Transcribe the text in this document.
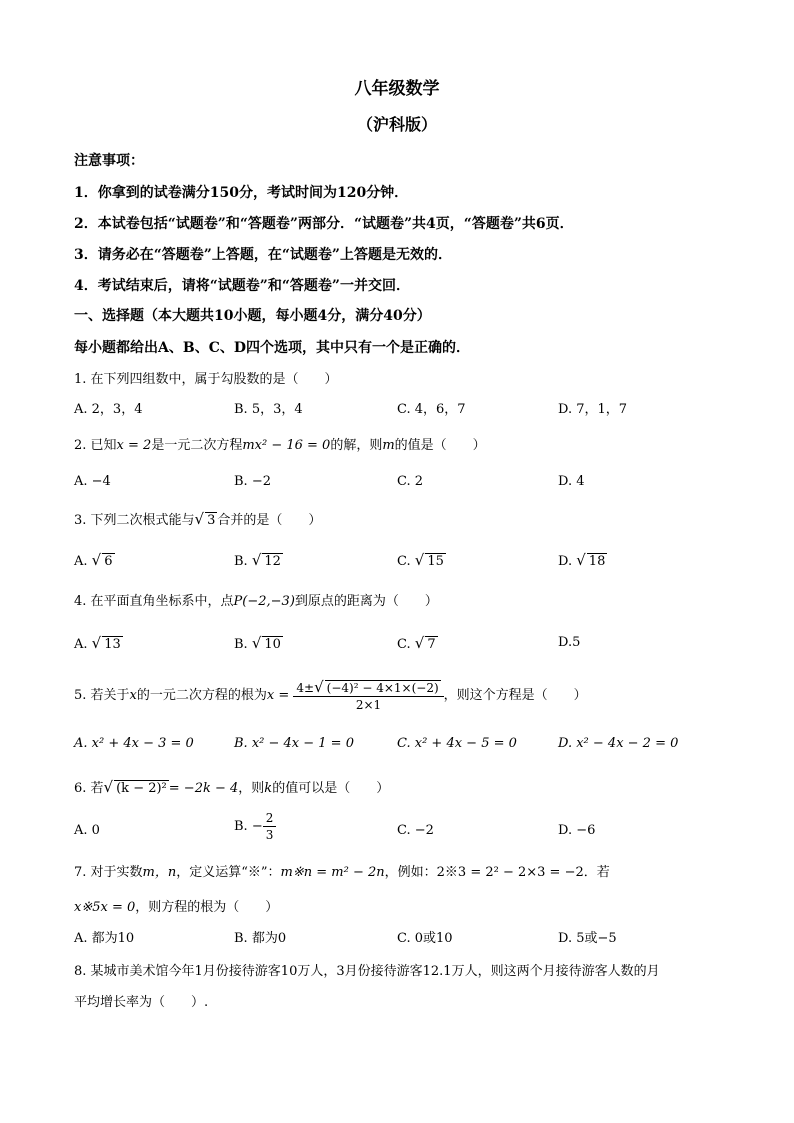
八年级数学
（沪科版）
注意事项：
1．你拿到的试卷满分150分，考试时间为120分钟．
2．本试卷包括“试题卷”和“答题卷”两部分．“试题卷”共4页，“答题卷”共6页．
3．请务必在“答题卷”上答题，在“试题卷”上答题是无效的．
4．考试结束后，请将“试题卷”和“答题卷”一并交回．
一、选择题（本大题共10小题，每小题4分，满分40分）
每小题都给出A、B、C、D四个选项，其中只有一个是正确的．
1. 在下列四组数中，属于勾股数的是（　　）
A. 2，3，4	B. 5，3，4	C. 4，6，7	D. 7，1，7
2. 已知x = 2是一元二次方程mx² − 16 = 0的解，则m的值是（　　）
A. −4	B. −2	C. 2	D. 4
3. 下列二次根式能与√ 3 合并的是（　　）
A. √ 6	B. √ 12	C. √ 15	D. √ 18
4. 在平面直角坐标系中，点P(−2,−3)到原点的距离为（　　）
A. √ 13	B. √ 10	C. √ 7	D.5
5. 若关于x的一元二次方程的根为$x = \frac{\text{4±√ (−4)² − 4×1×(−2)}}{2\times 1}$ ，则这个方程是（　　）
A. x² + 4x − 3 = 0	B. x² − 4x − 1 = 0	C. x² + 4x − 5 = 0	D. x² − 4x − 2 = 0
6. 若√ (k − 2)² = −2k − 4，则k的值可以是（　　）
A. 0	B. − $\frac{2}{3}$	C. −2	D. −6
7. 对于实数m，n，定义运算“※”：m※n = m² − 2n，例如：2※3 = 2² − 2×3 = −2．若
x※5x = 0，则方程的根为（　　）
A. 都为10	B. 都为0	C. 0或10	D. 5或−5
8. 某城市美术馆今年1月份接待游客10万人，3月份接待游客12.1万人，则这两个月接待游客人数的月
平均增长率为（　　）.
